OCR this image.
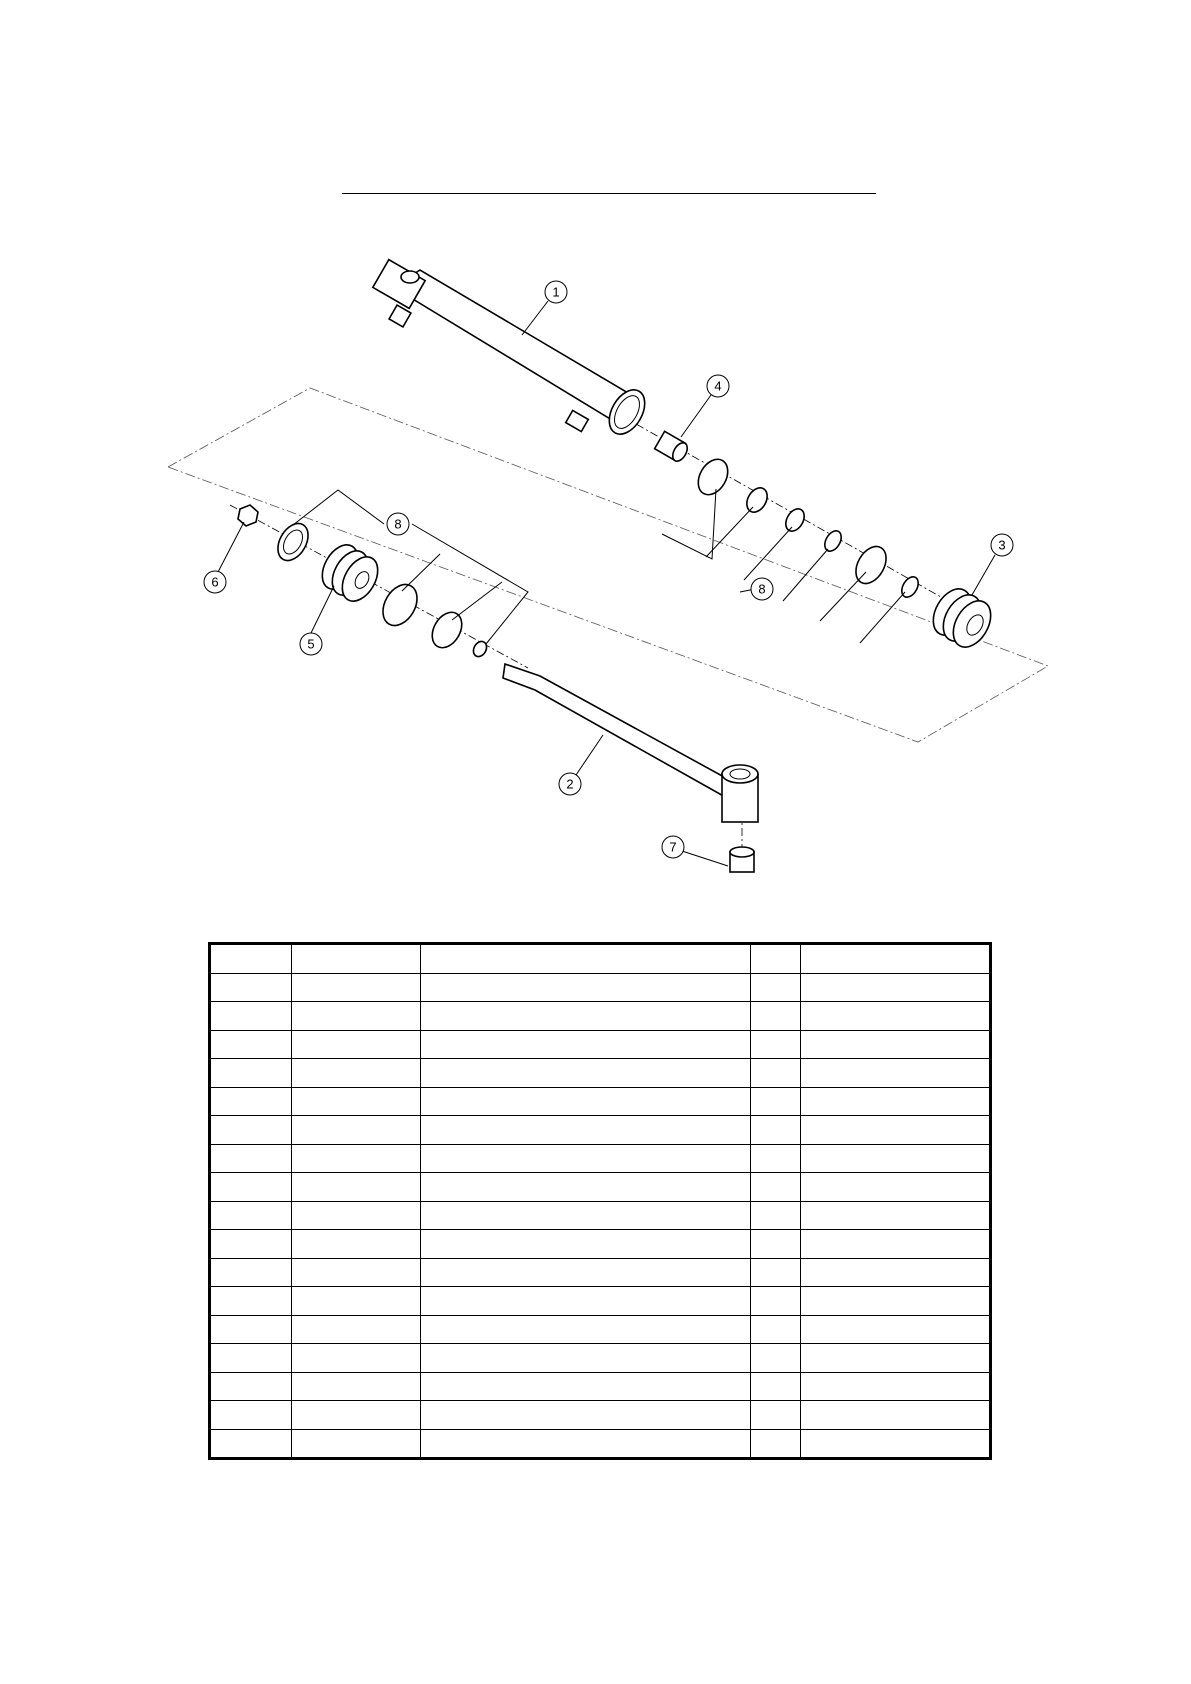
1
2
3
4
5
6
7
8
8
